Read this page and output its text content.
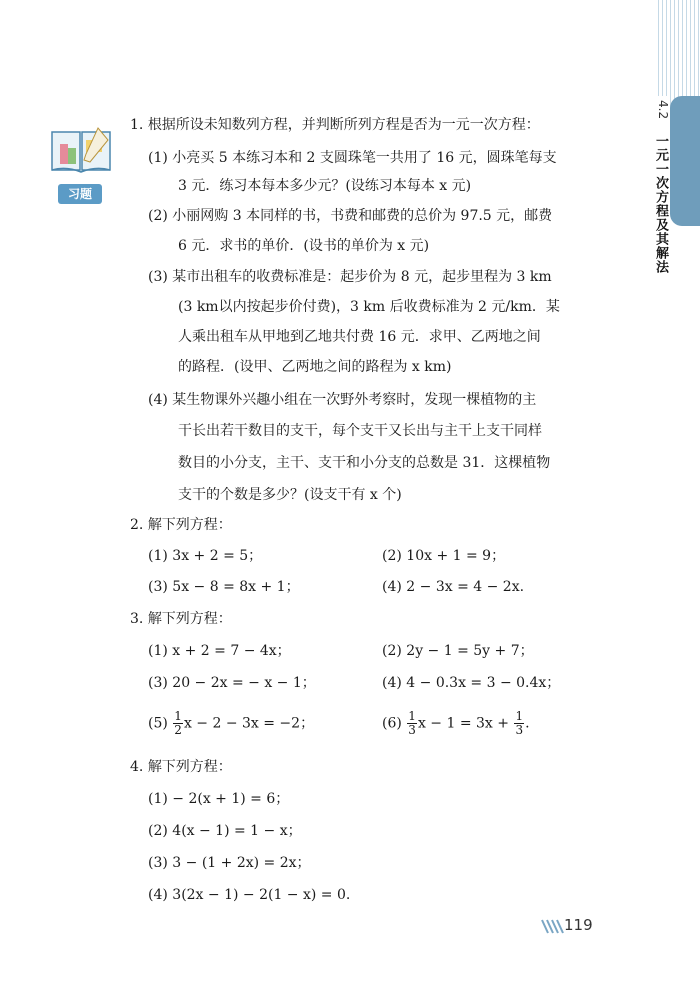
4.2
一元一次方程及其解法
习题
1. 根据所设未知数列方程，并判断所列方程是否为一元一次方程：
(1) 小亮买 5 本练习本和 2 支圆珠笔一共用了 16 元，圆珠笔每支
3 元．练习本每本多少元？(设练习本每本 x 元)
(2) 小丽网购 3 本同样的书，书费和邮费的总价为 97.5 元，邮费
6 元．求书的单价．(设书的单价为 x 元)
(3) 某市出租车的收费标准是：起步价为 8 元，起步里程为 3 km
(3 km以内按起步价付费)，3 km 后收费标准为 2 元/km．某
人乘出租车从甲地到乙地共付费 16 元．求甲、乙两地之间
的路程．(设甲、乙两地之间的路程为 x km)
(4) 某生物课外兴趣小组在一次野外考察时，发现一棵植物的主
干长出若干数目的支干，每个支干又长出与主干上支干同样
数目的小分支，主干、支干和小分支的总数是 31．这棵植物
支干的个数是多少？(设支干有 x 个)
2. 解下列方程：
(1) 3x + 2 = 5；	(2) 10x + 1 = 9；
(3) 5x − 8 = 8x + 1；	(4) 2 − 3x = 4 − 2x.
3. 解下列方程：
(1) x + 2 = 7 − 4x；	(2) 2y − 1 = 5y + 7；
(3) 20 − 2x = − x − 1；	(4) 4 − 0.3x = 3 − 0.4x；
$(5) \frac{1}{2}$ x − 2 − 3x = −2；	$(6) \frac{1}{3}$ $x - 1 = 3x + \frac{1}{3}$ .
4. 解下列方程：
(1) − 2(x + 1) = 6；
(2) 4(x − 1) = 1 − x；
(3) 3 − (1 + 2x) = 2x；
(4) 3(2x − 1) − 2(1 − x) = 0.
119
